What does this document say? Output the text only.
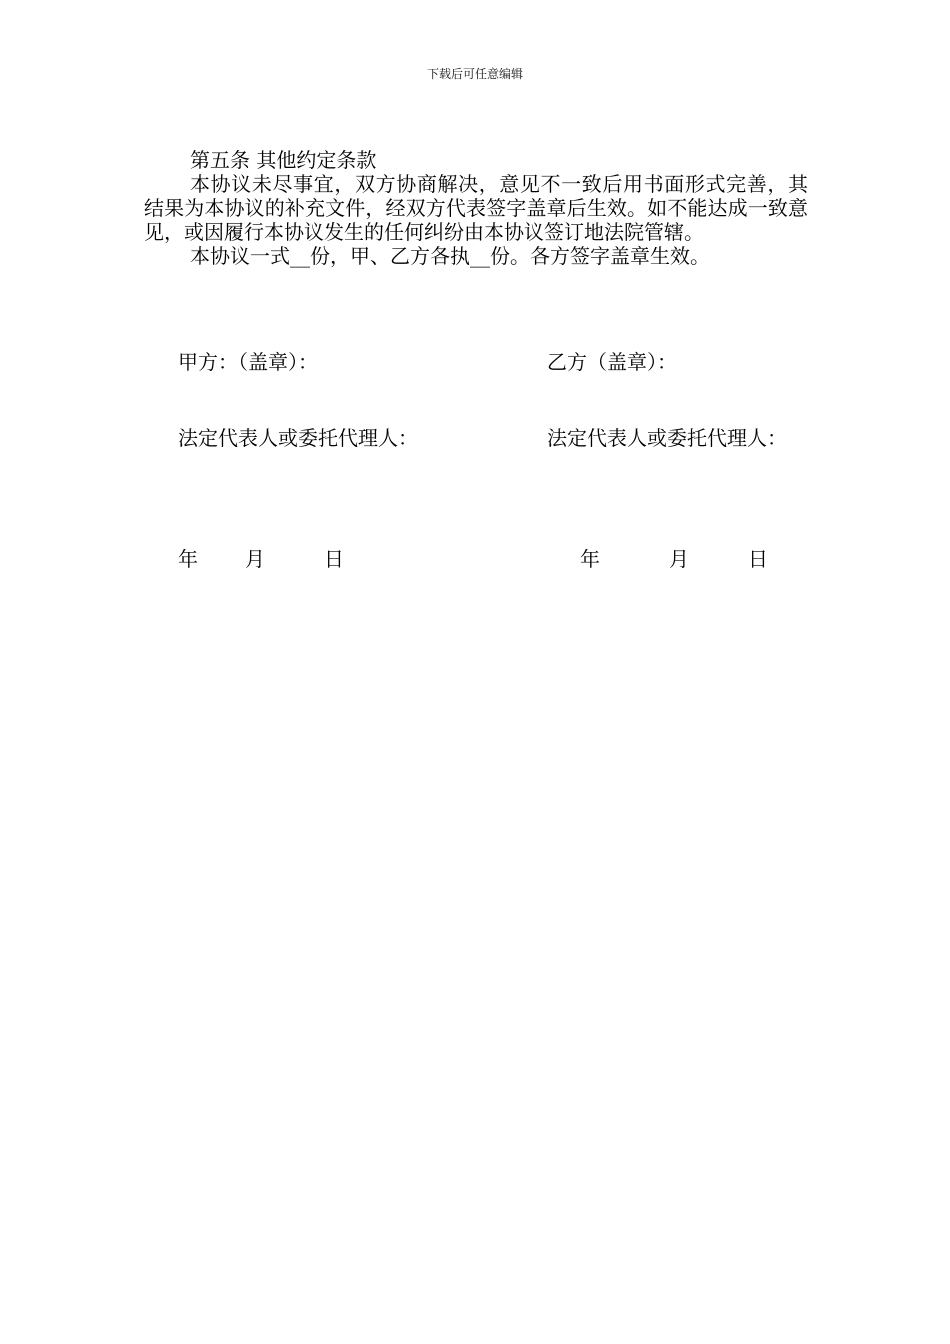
下载后可任意编辑

第五条 其他约定条款

本协议未尽事宜，双方协商解决，意见不一致后用书面形式完善，其结果为本协议的补充文件，经双方代表签字盖章后生效。如不能达成一致意见，或因履行本协议发生的任何纠纷由本协议签订地法院管辖。

本协议一式__份，甲、乙方各执__份。各方签字盖章生效。

甲方：（盖章）：	乙方（盖章）：
法定代表人或委托代理人：	法定代表人或委托代理人：
年 月	日	年	月	日
